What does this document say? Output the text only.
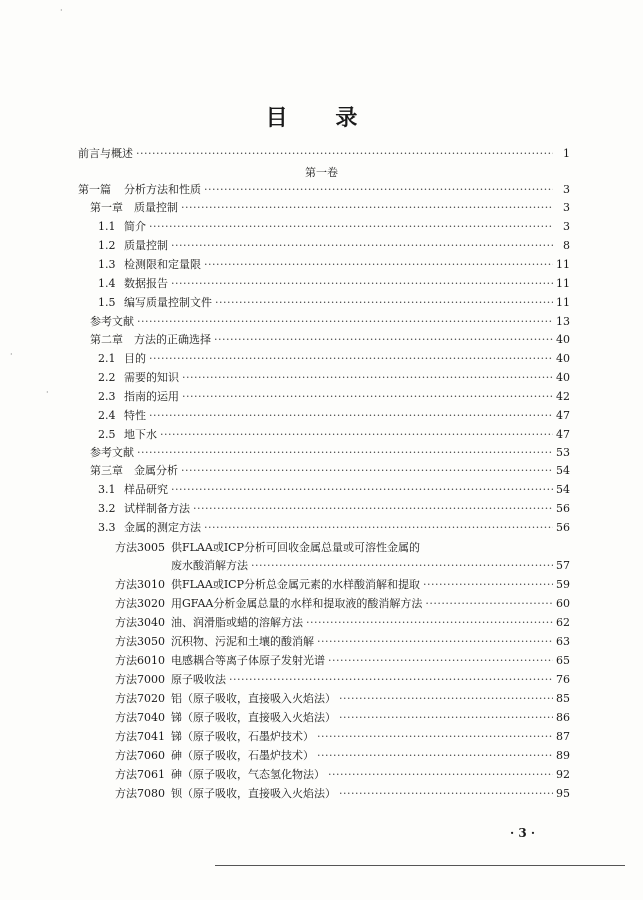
目 录
前言与概述 ·····	1
第一卷
第一篇	分析方法和性质 ·····	3
第一章	质量控制 ·····	3
1.1 简介 ·····	3
1.2 质量控制 ·····	8
1.3 检测限和定量限 ·····	11
1.4 数据报告 ·····	11
1.5 编写质量控制文件 ·····	11
参考文献 ·····	13
第二章	方法的正确选择 ·····	40
2.1 目的 ·····	40
2.2 需要的知识 ·····	40
2.3 指南的运用 ·····	42
2.4 特性 ·····	47
2.5 地下水 ·····	47
参考文献 ·····	53
第三章	金属分析 ·····	54
3.1 样品研究 ·····	54
3.2 试样制备方法 ·····	56
3.3 金属的测定方法 ·····	56
方法3005 供FLAA或ICP分析可回收金属总量或可溶性金属的
废水酸消解方法 ·····	57
方法3010 供FLAA或ICP分析总金属元素的水样酸消解和提取 ·····	59
方法3020 用GFAA分析金属总量的水样和提取液的酸消解方法 ·····	60
方法3040 油、润滑脂或蜡的溶解方法 ·····	62
方法3050 沉积物、污泥和土壤的酸消解 ·····	63
方法6010 电感耦合等离子体原子发射光谱 ·····	65
方法7000 原子吸收法 ·····	76
方法7020 铝（原子吸收，直接吸入火焰法） ·····	85
方法7040 锑（原子吸收，直接吸入火焰法） ·····	86
方法7041 锑（原子吸收，石墨炉技术） ·····	87
方法7060 砷（原子吸收，石墨炉技术） ·····	89
方法7061 砷（原子吸收，气态氢化物法） ·····	92
方法7080 钡（原子吸收，直接吸入火焰法） ·····	95
· 3 ·
·
·
·
